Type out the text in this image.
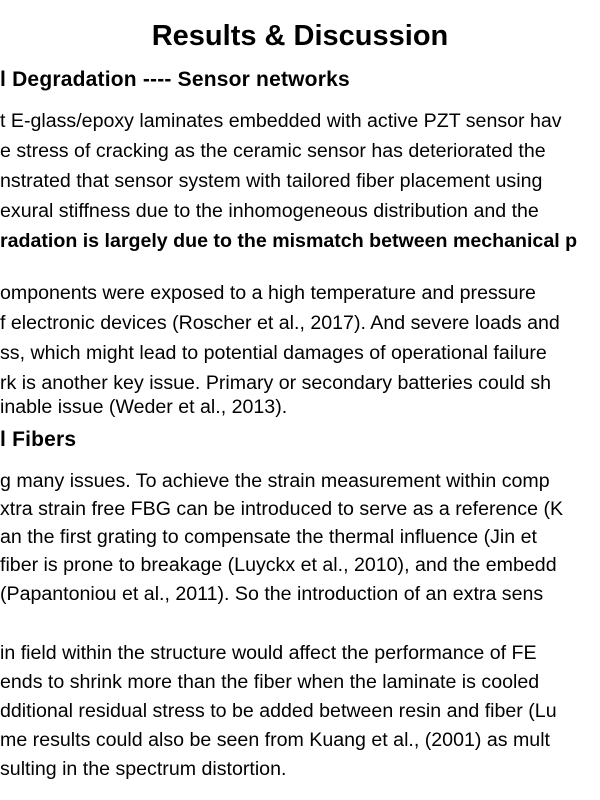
Results & Discussion
l Degradation ---- Sensor networks
t E-glass/epoxy laminates embedded with active PZT sensor hav
e stress of cracking as the ceramic sensor has deteriorated the
nstrated that sensor system with tailored fiber placement using
exural stiffness due to the inhomogeneous distribution and the
radation is largely due to the mismatch between mechanical p
omponents were exposed to a high temperature and pressure
f electronic devices (Roscher et al., 2017). And severe loads and
ss, which might lead to potential damages of operational failure
rk is another key issue. Primary or secondary batteries could sh
inable issue (Weder et al., 2013).
l Fibers
g many issues. To achieve the strain measurement within comp
xtra strain free FBG can be introduced to serve as a reference (K
an the first grating to compensate the thermal influence (Jin et
fiber is prone to breakage (Luyckx et al., 2010), and the embedd
(Papantoniou et al., 2011). So the introduction of an extra sens
in field within the structure would affect the performance of FE
ends to shrink more than the fiber when the laminate is cooled
dditional residual stress to be added between resin and fiber (Lu
me results could also be seen from Kuang et al., (2001) as mult
sulting in the spectrum distortion.
